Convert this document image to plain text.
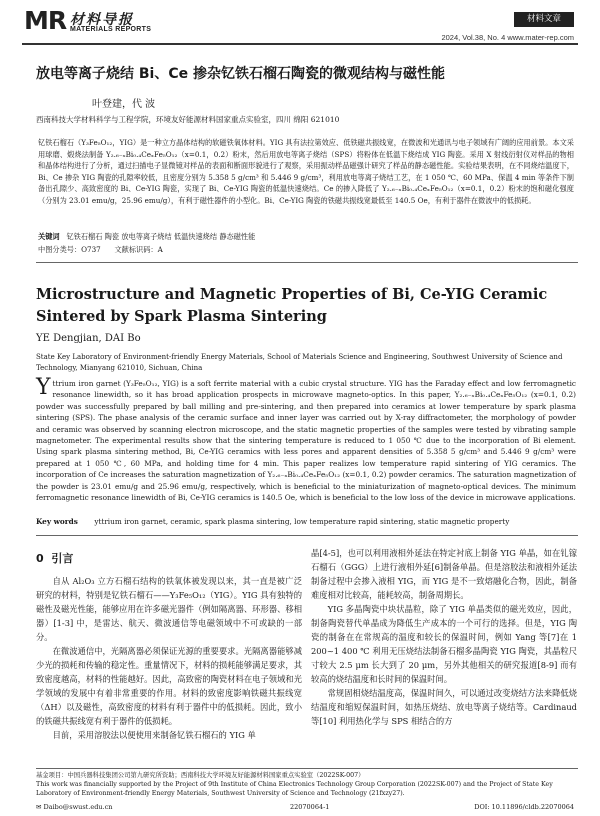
MR 材料导报
MATERIALS REPORTS
材料文章
2024, Vol.38, No. 4 www.mater-rep.com
放电等离子烧结 Bi、Ce 掺杂钇铁石榴石陶瓷的微观结构与磁性能
叶登建，代 波
西南科技大学材料科学与工程学院，环境友好能源材料国家重点实验室，四川 绵阳 621010
钇铁石榴石（Y₃Fe₅O₁₂，YIG）是一种立方晶体结构的软磁铁氧体材料。YIG 具有法拉第效应、低铁磁共振线宽，在微波和光通讯与电子领域有广阔的应用前景。本文采用球磨、煅烧法制备 Y₂.₆₋ₓBi₀.₄CeₓFe₅O₁₂（x=0.1，0.2）粉末，然后用放电等离子烧结（SPS）将粉体在低温下烧结成 YIG 陶瓷。采用 X 射线衍射仪对样品的物相和晶体结构进行了分析，通过扫描电子显微镜对样品的表面和断面形貌进行了观察，采用振动样品磁强计研究了样品的静态磁性能。实验结果表明，在不同烧结温度下，Bi、Ce 掺杂 YIG 陶瓷的孔隙率较低，且密度分别为 5.358 5 g/cm³ 和 5.446 9 g/cm³，利用放电等离子烧结工艺，在 1 050 ℃、60 MPa、保温 4 min 等条件下制备出孔隙少、高致密度的 Bi、Ce-YIG 陶瓷，实现了 Bi、Ce-YIG 陶瓷的低温快速烧结。Ce 的掺入降低了 Y₂.₆₋ₓBi₀.₄CeₓFe₅O₁₂（x=0.1，0.2）粉末的饱和磁化强度（分别为 23.01 emu/g，25.96 emu/g），有利于磁性器件的小型化。Bi、Ce-YIG 陶瓷的铁磁共振线宽最低至 140.5 Oe，有利于器件在微波中的低损耗。
关键词 钇铁石榴石 陶瓷 放电等离子烧结 低温快速烧结 静态磁性能
中图分类号：O737 文献标识码：A
Microstructure and Magnetic Properties of Bi, Ce-YIG Ceramic Sintered by Spark Plasma Sintering
YE Dengjian, DAI Bo
State Key Laboratory of Environment-friendly Energy Materials, School of Materials Science and Engineering, Southwest University of Science and Technology, Mianyang 621010, Sichuan, China
Yttrium iron garnet (Y₃Fe₅O₁₂, YIG) is a soft ferrite material with a cubic crystal structure. YIG has the Faraday effect and low ferromagnetic resonance linewidth, so it has broad application prospects in microwave magneto-optics. In this paper, Y₂.₆₋ₓBi₀.₄CeₓFe₅O₁₂ (x=0.1, 0.2) powder was successfully prepared by ball milling and pre-sintering, and then prepared into ceramics at lower temperature by spark plasma sintering (SPS). The phase analysis of the ceramic surface and inner layer was carried out by X-ray diffractometer, the morphology of powder and ceramic was observed by scanning electron microscope, and the static magnetic properties of the samples were tested by vibrating sample magnetometer. The experimental results show that the sintering temperature is reduced to 1 050 ℃ due to the incorporation of Bi element. Using spark plasma sintering method, Bi, Ce-YIG ceramics with less pores and apparent densities of 5.358 5 g/cm³ and 5.446 9 g/cm³ were prepared at 1 050 ℃, 60 MPa, and holding time for 4 min. This paper realizes low temperature rapid sintering of YIG ceramics. The incorporation of Ce increases the saturation magnetization of Y₂.₆₋ₓBi₀.₄CeₓFe₅O₁₂ (x=0.1, 0.2) powder ceramics. The saturation magnetization of the powder is 23.01 emu/g and 25.96 emu/g, respectively, which is beneficial to the miniaturization of magneto-optical devices. The minimum ferromagnetic resonance linewidth of Bi, Ce-YIG ceramics is 140.5 Oe, which is beneficial to the low loss of the device in microwave applications.
Key words yttrium iron garnet, ceramic, spark plasma sintering, low temperature rapid sintering, static magnetic property
0 引言

自从 Al₂O₃ 立方石榴石结构的铁氧体被发现以来，其一直是被广泛研究的材料，特别是钇铁石榴石——Y₃Fe₅O₁₂（YIG）。YIG 具有独特的磁性及磁光性能，能够应用在许多磁光器件（例如隔离器、环形器、移相器）[1-3] 中，是雷达、航天、微波通信等电磁领域中不可或缺的一部分。

在微波通信中，光隔离器必须保证光源的重要要求。光隔离器能够减少光的损耗和传输的稳定性。重量情况下，材料的损耗能够满足要求，其致密度越高，材料的性能越好。因此，高致密的陶瓷材料在电子领域和光学领域的发展中有着非常重要的作用。材料的致密度影响铁磁共振线宽（ΔH）以及磁性，高致密度的材料有利于器件中的低损耗。因此，致小的铁磁共振线宽有利于器件的低损耗。

目前，采用溶胶法以便使用来制备钇铁石榴石的 YIG 单

晶[4-5]，也可以利用液相外延法在特定衬底上制备 YIG 单晶，如在钆镓石榴石（GGG）上进行液相外延[6]制备单晶。但是溶胶法和液相外延法制备过程中会掺入液相 YIG，而 YIG 是不一致熔融化合物，因此，制备难度相对比较高，能耗较高，制备周期长。

YIG 多晶陶瓷中块状晶粒，除了 YIG 单晶类似的磁光效应，因此，制备陶瓷替代单晶成为降低生产成本的一个可行的选择。但是，YIG 陶瓷的制备在在常规高的温度和较长的保温时间，例如 Yang 等[7]在 1 200~1 400 ℃ 利用无压烧结法制备石榴多晶陶瓷 YIG 陶瓷，其晶粒尺寸较大 2.5 μm 长大到了 20 μm，另外其他相关的研究报道[8-9] 而有较高的烧结温度和长时间的保温时间。

常规固相烧结温度高，保温时间久，可以通过改变烧结方法来降低烧结温度和缩短保温时间，如热压烧结、放电等离子烧结等。Cardinaud 等[10] 利用热化学与 SPS 相结合的方

基金项目：中国兵器科技集团公司第九研究所资助；西南科技大学环境友好能源材料国家重点实验室（2022SK-007）
This work was financially supported by the Project of 9th Institute of China Electronics Technology Group Corporation (2022SK-007) and the Project of State Key Laboratory of Environment-friendly Energy Materials, Southwest University of Science and Technology (21fxzy27).
✉ Daibo@swust.edu.cn	22070064-1	DOI: 10.11896/cldb.22070064
